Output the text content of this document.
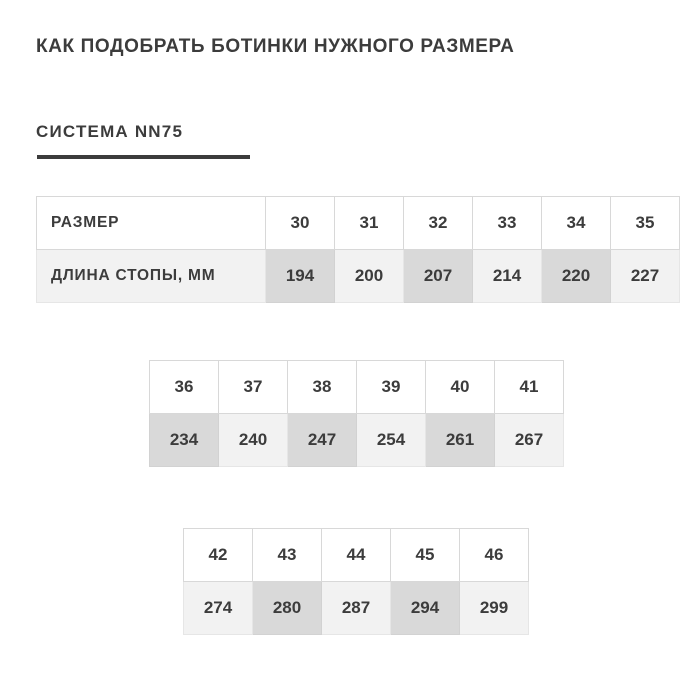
КАК ПОДОБРАТЬ БОТИНКИ НУЖНОГО РАЗМЕРА
СИСТЕМА NN75
РАЗМЕР	30	31	32	33	34	35
ДЛИНА СТОПЫ, ММ	194	200	207	214	220	227
36	37	38	39	40	41
234	240	247	254	261	267
42	43	44	45	46
274	280	287	294	299
